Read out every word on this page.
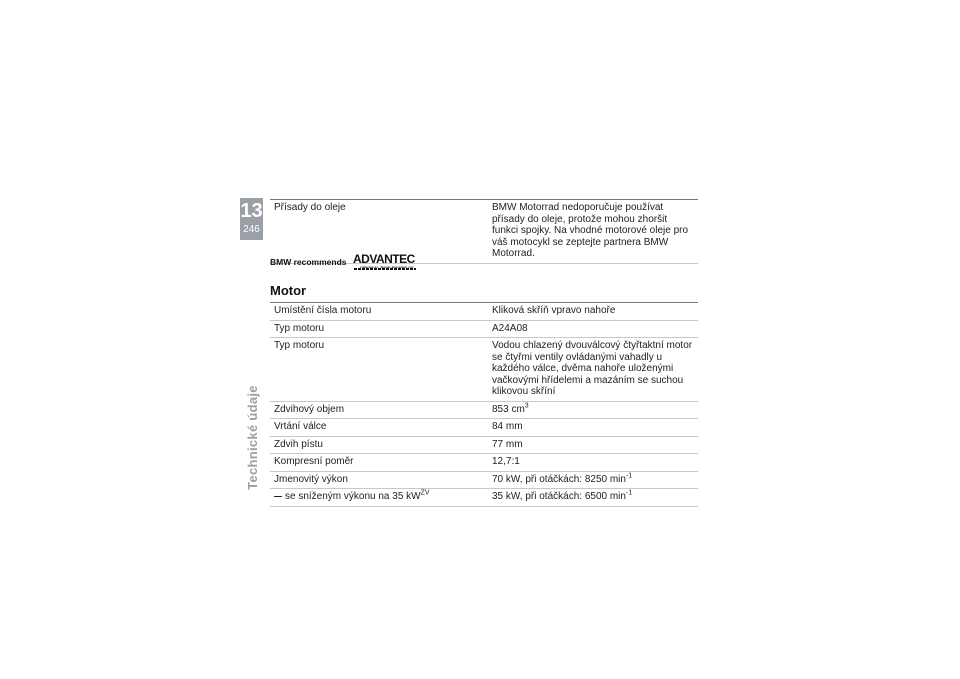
13
246
Technické údaje
Přísady do oleje	BMW Motorrad nedoporučuje používat přísady do oleje, protože mohou zhoršit funkci spojky. Na vhodné motorové oleje pro váš motocykl se zeptejte partnera BMW Motorrad.
BMW recommends ADVANTEC
Motor
Umístění čísla motoru	Kliková skříň vpravo nahoře
Typ motoru	A24A08
Typ motoru	Vodou chlazený dvouválcový čtyřtaktní motor se čtyřmi ventily ovládanými vahadly u každého válce, dvěma nahoře uloženými vačkovými hřídelemi a mazáním se suchou klikovou skříní
Zdvihový objem	853 $cm^3$
Vrtání válce	84 mm
Zdvih pístu	77 mm
Kompresní poměr	12,7:1
Jmenovitý výkon	70 kW, při otáčkách: 8250 $\min^{-1}$
se sníženým výkonu na 35 $kW^{ZV}$	35 kW, při otáčkách: 6500 $\min^{-1}$
